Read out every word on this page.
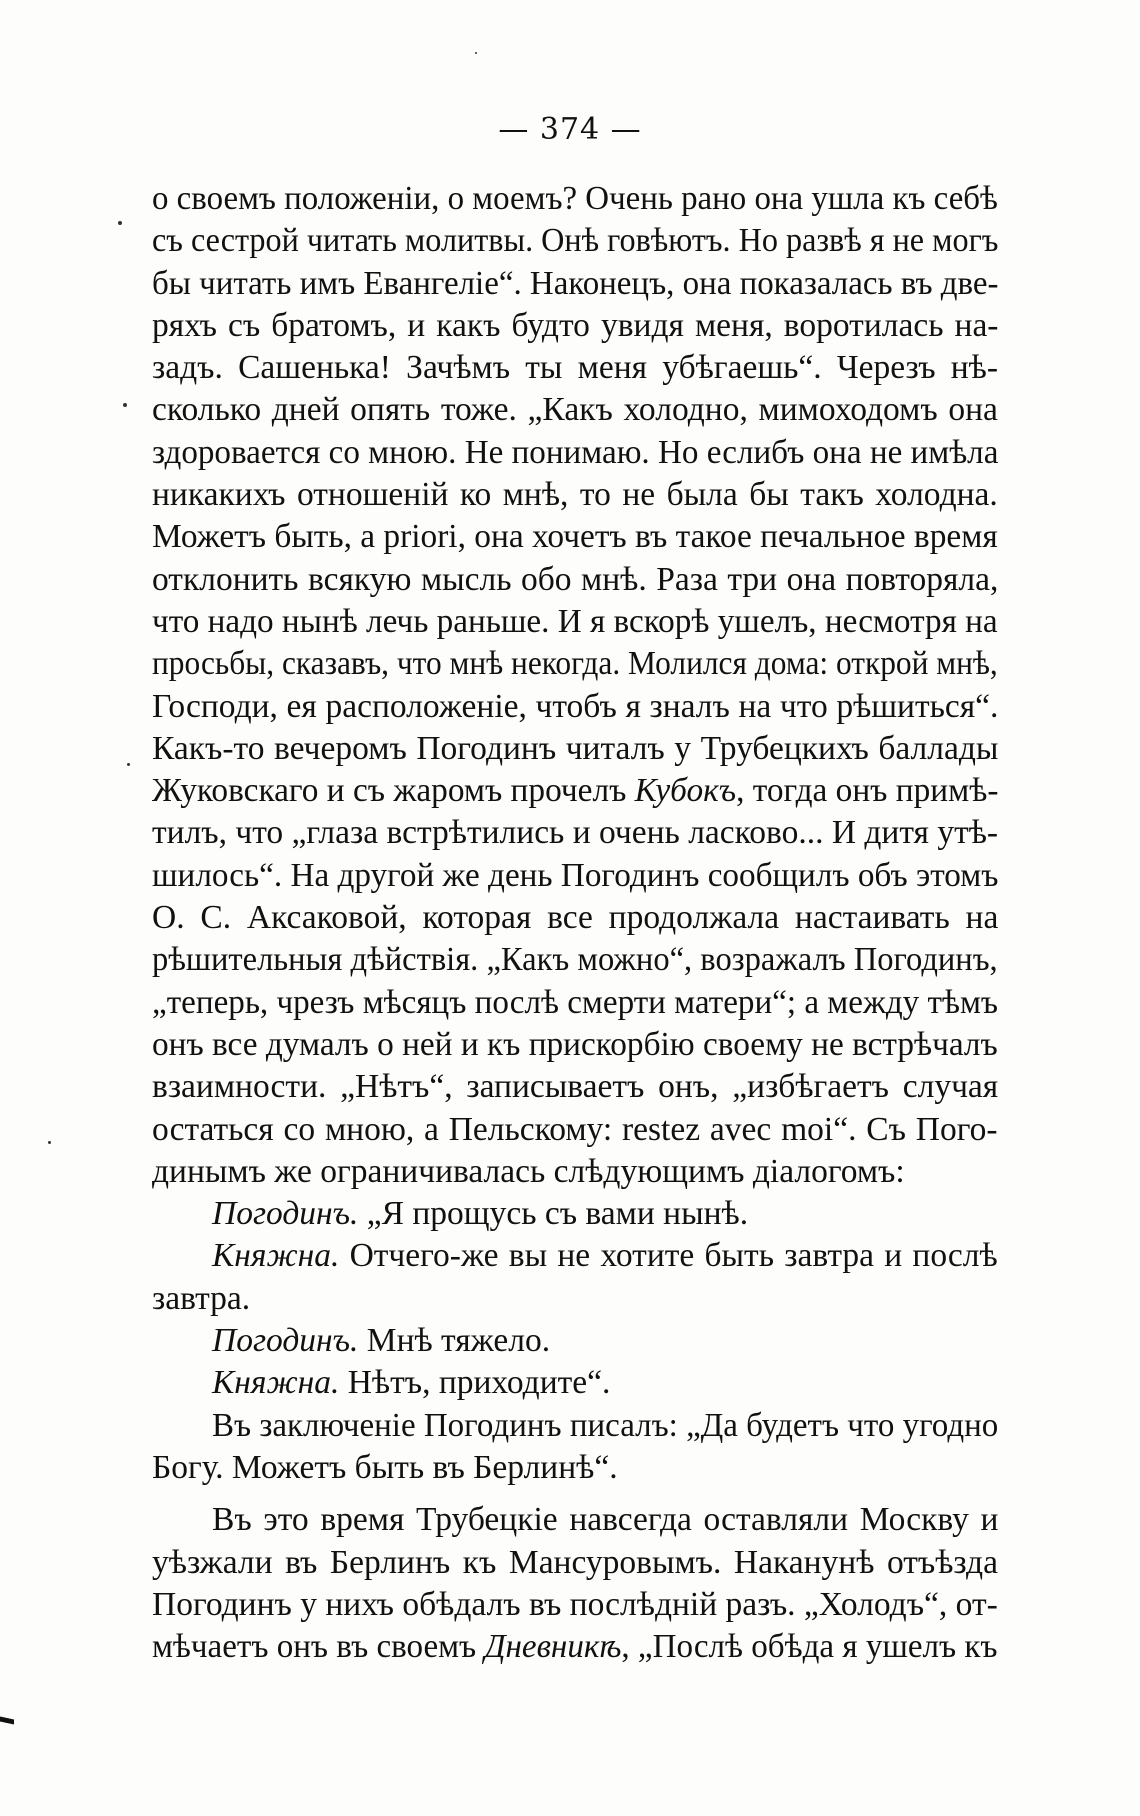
— 374 —
о своемъ положеніи, о моемъ? Очень рано она ушла къ себѣ
съ сестрой читать молитвы. Онѣ говѣютъ. Но развѣ я не могъ
бы читать имъ Евангеліе“. Наконецъ, она показалась въ две-
ряхъ съ братомъ, и какъ будто увидя меня, воротилась на-
задъ. Сашенька! Зачѣмъ ты меня убѣгаешь“. Черезъ нѣ-
сколько дней опять тоже. „Какъ холодно, мимоходомъ она
здоровается со мною. Не понимаю. Но еслибъ она не имѣла
никакихъ отношеній ко мнѣ, то не была бы такъ холодна.
Можетъ быть, a priori, она хочетъ въ такое печальное время
отклонить всякую мысль обо мнѣ. Раза три она повторяла,
что надо нынѣ лечь раньше. И я вскорѣ ушелъ, несмотря на
просьбы, сказавъ, что мнѣ некогда. Молился дома: открой мнѣ,
Господи, ея расположеніе, чтобъ я зналъ на что рѣшиться“.
Какъ-то вечеромъ Погодинъ читалъ у Трубецкихъ баллады
Жуковскаго и съ жаромъ прочелъ Кубокъ, тогда онъ примѣ-
тилъ, что „глаза встрѣтились и очень ласково... И дитя утѣ-
шилось“. На другой же день Погодинъ сообщилъ объ этомъ
О. С. Аксаковой, которая все продолжала настаивать на
рѣшительныя дѣйствія. „Какъ можно“, возражалъ Погодинъ,
„теперь, чрезъ мѣсяцъ послѣ смерти матери“; а между тѣмъ
онъ все думалъ о ней и къ прискорбію своему не встрѣчалъ
взаимности. „Нѣтъ“, записываетъ онъ, „избѣгаетъ случая
остаться со мною, а Пельскому: restez avec moi“. Съ Пого-
динымъ же ограничивалась слѣдующимъ діалогомъ:
Погодинъ. „Я прощусь съ вами нынѣ.
Княжна. Отчего-же вы не хотите быть завтра и послѣ
завтра.
Погодинъ. Мнѣ тяжело.
Княжна. Нѣтъ, приходите“.
Въ заключеніе Погодинъ писалъ: „Да будетъ что угодно
Богу. Можетъ быть въ Берлинѣ“.
Въ это время Трубецкіе навсегда оставляли Москву и
уѣзжали въ Берлинъ къ Мансуровымъ. Наканунѣ отъѣзда
Погодинъ у нихъ обѣдалъ въ послѣдній разъ. „Холодъ“, от-
мѣчаетъ онъ въ своемъ Дневникѣ, „Послѣ обѣда я ушелъ къ
